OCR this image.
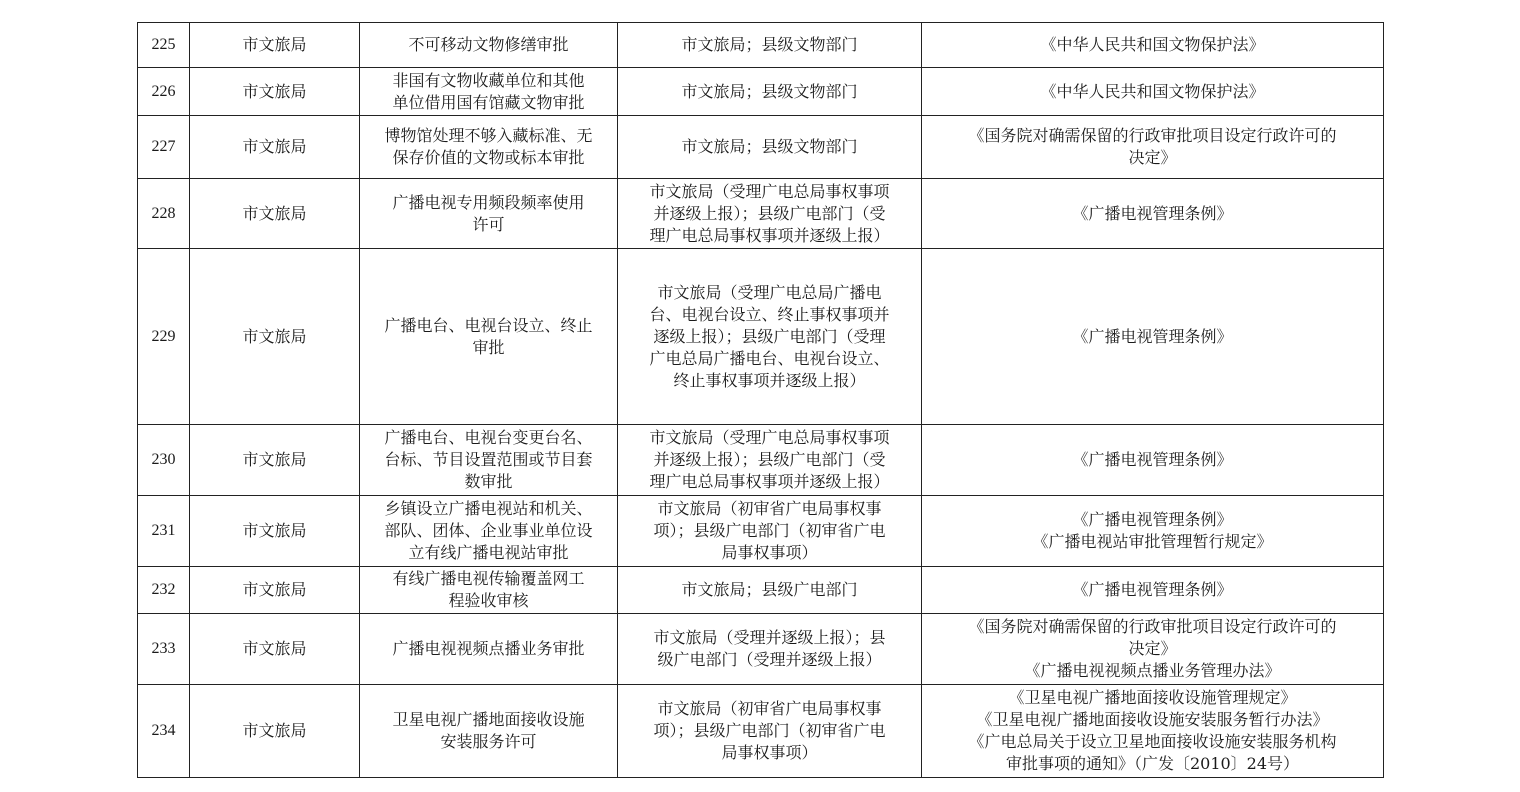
225	市文旅局	不可移动文物修缮审批	市文旅局；县级文物部门	《中华人民共和国文物保护法》

226	市文旅局	非国有文物收藏单位和其他
单位借用国有馆藏文物审批	市文旅局；县级文物部门	《中华人民共和国文物保护法》

227	市文旅局	博物馆处理不够入藏标准、无
保存价值的文物或标本审批	市文旅局；县级文物部门	《国务院对确需保留的行政审批项目设定行政许可的
决定》

228	市文旅局	广播电视专用频段频率使用
许可	市文旅局（受理广电总局事权事项
并逐级上报）；县级广电部门（受
理广电总局事权事项并逐级上报）	《广播电视管理条例》

229	市文旅局	广播电台、电视台设立、终止
审批	市文旅局（受理广电总局广播电
台、电视台设立、终止事权事项并
逐级上报）；县级广电部门（受理
广电总局广播电台、电视台设立、
终止事权事项并逐级上报）	《广播电视管理条例》

230	市文旅局	广播电台、电视台变更台名、
台标、节目设置范围或节目套
数审批	市文旅局（受理广电总局事权事项
并逐级上报）；县级广电部门（受
理广电总局事权事项并逐级上报）	《广播电视管理条例》

231	市文旅局	乡镇设立广播电视站和机关、
部队、团体、企业事业单位设
立有线广播电视站审批	市文旅局（初审省广电局事权事
项）；县级广电部门（初审省广电
局事权事项）	《广播电视管理条例》
《广播电视站审批管理暂行规定》

232	市文旅局	有线广播电视传输覆盖网工
程验收审核	市文旅局；县级广电部门	《广播电视管理条例》

233	市文旅局	广播电视视频点播业务审批	市文旅局（受理并逐级上报）；县
级广电部门（受理并逐级上报）	《国务院对确需保留的行政审批项目设定行政许可的
决定》
《广播电视视频点播业务管理办法》

234	市文旅局	卫星电视广播地面接收设施
安装服务许可	市文旅局（初审省广电局事权事
项）；县级广电部门（初审省广电
局事权事项）	《卫星电视广播地面接收设施管理规定》
《卫星电视广播地面接收设施安装服务暂行办法》
《广电总局关于设立卫星地面接收设施安装服务机构
审批事项的通知》（广发〔2010〕24号）
